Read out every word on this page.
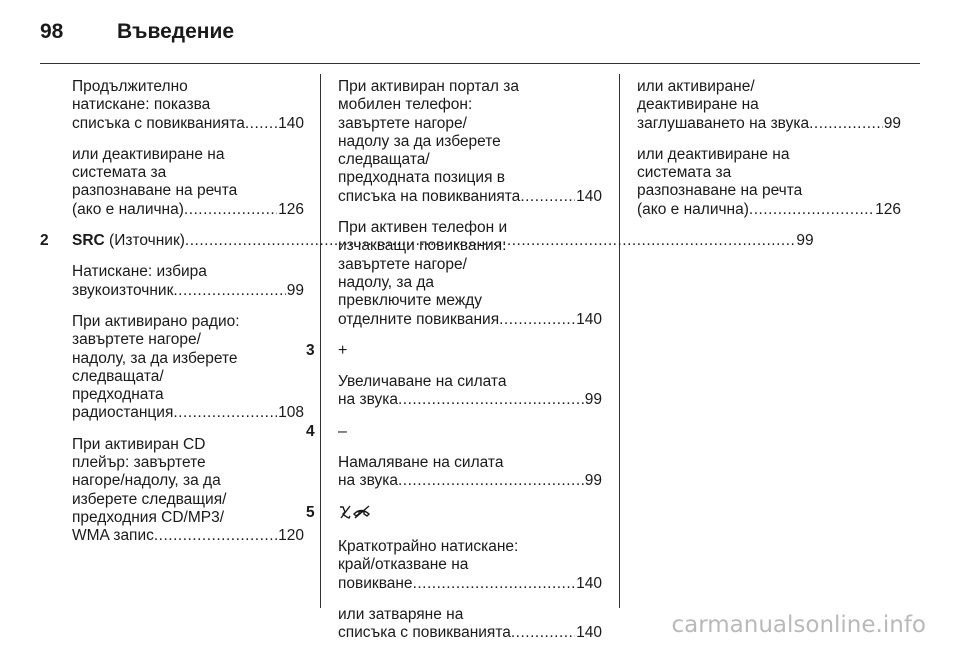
98	Въведение
Продължително
натискане: показва
списъка с повикванията ..... 140
или деактивиране на
системата за
разпознаване на речта
(ако е налична) .....	126
2	SRC (Източник) .....	99
Натискане: избира
звукоизточник .....	99
При активирано радио:
завъртете нагоре/
надолу, за да изберете
следващата/
предходната
радиостанция .....	108
При активиран CD
плейър: завъртете
нагоре/надолу, за да
изберете следващия/
предходния CD/MP3/
WMA запис .....	120
При активиран портал за
мобилен телефон:
завъртете нагоре/
надолу за да изберете
следващата/
предходната позиция в
списъка на повикванията .....	140
При активен телефон и
изчакващи повиквания:
завъртете нагоре/
надолу, за да
превключите между
отделните повиквания .....	140
3	+
Увеличаване на силата
на звука .....	99
4	–
Намаляване на силата
на звука .....	99
5
Краткотрайно натискане:
край/отказване на
повикване .....	140
или затваряне на
списъка с повикванията .....	140
или активиране/
деактивиране на
заглушаването на звука .....	99
или деактивиране на
системата за
разпознаване на речта
(ако е налична) .....	126
carmanualsonline.info
